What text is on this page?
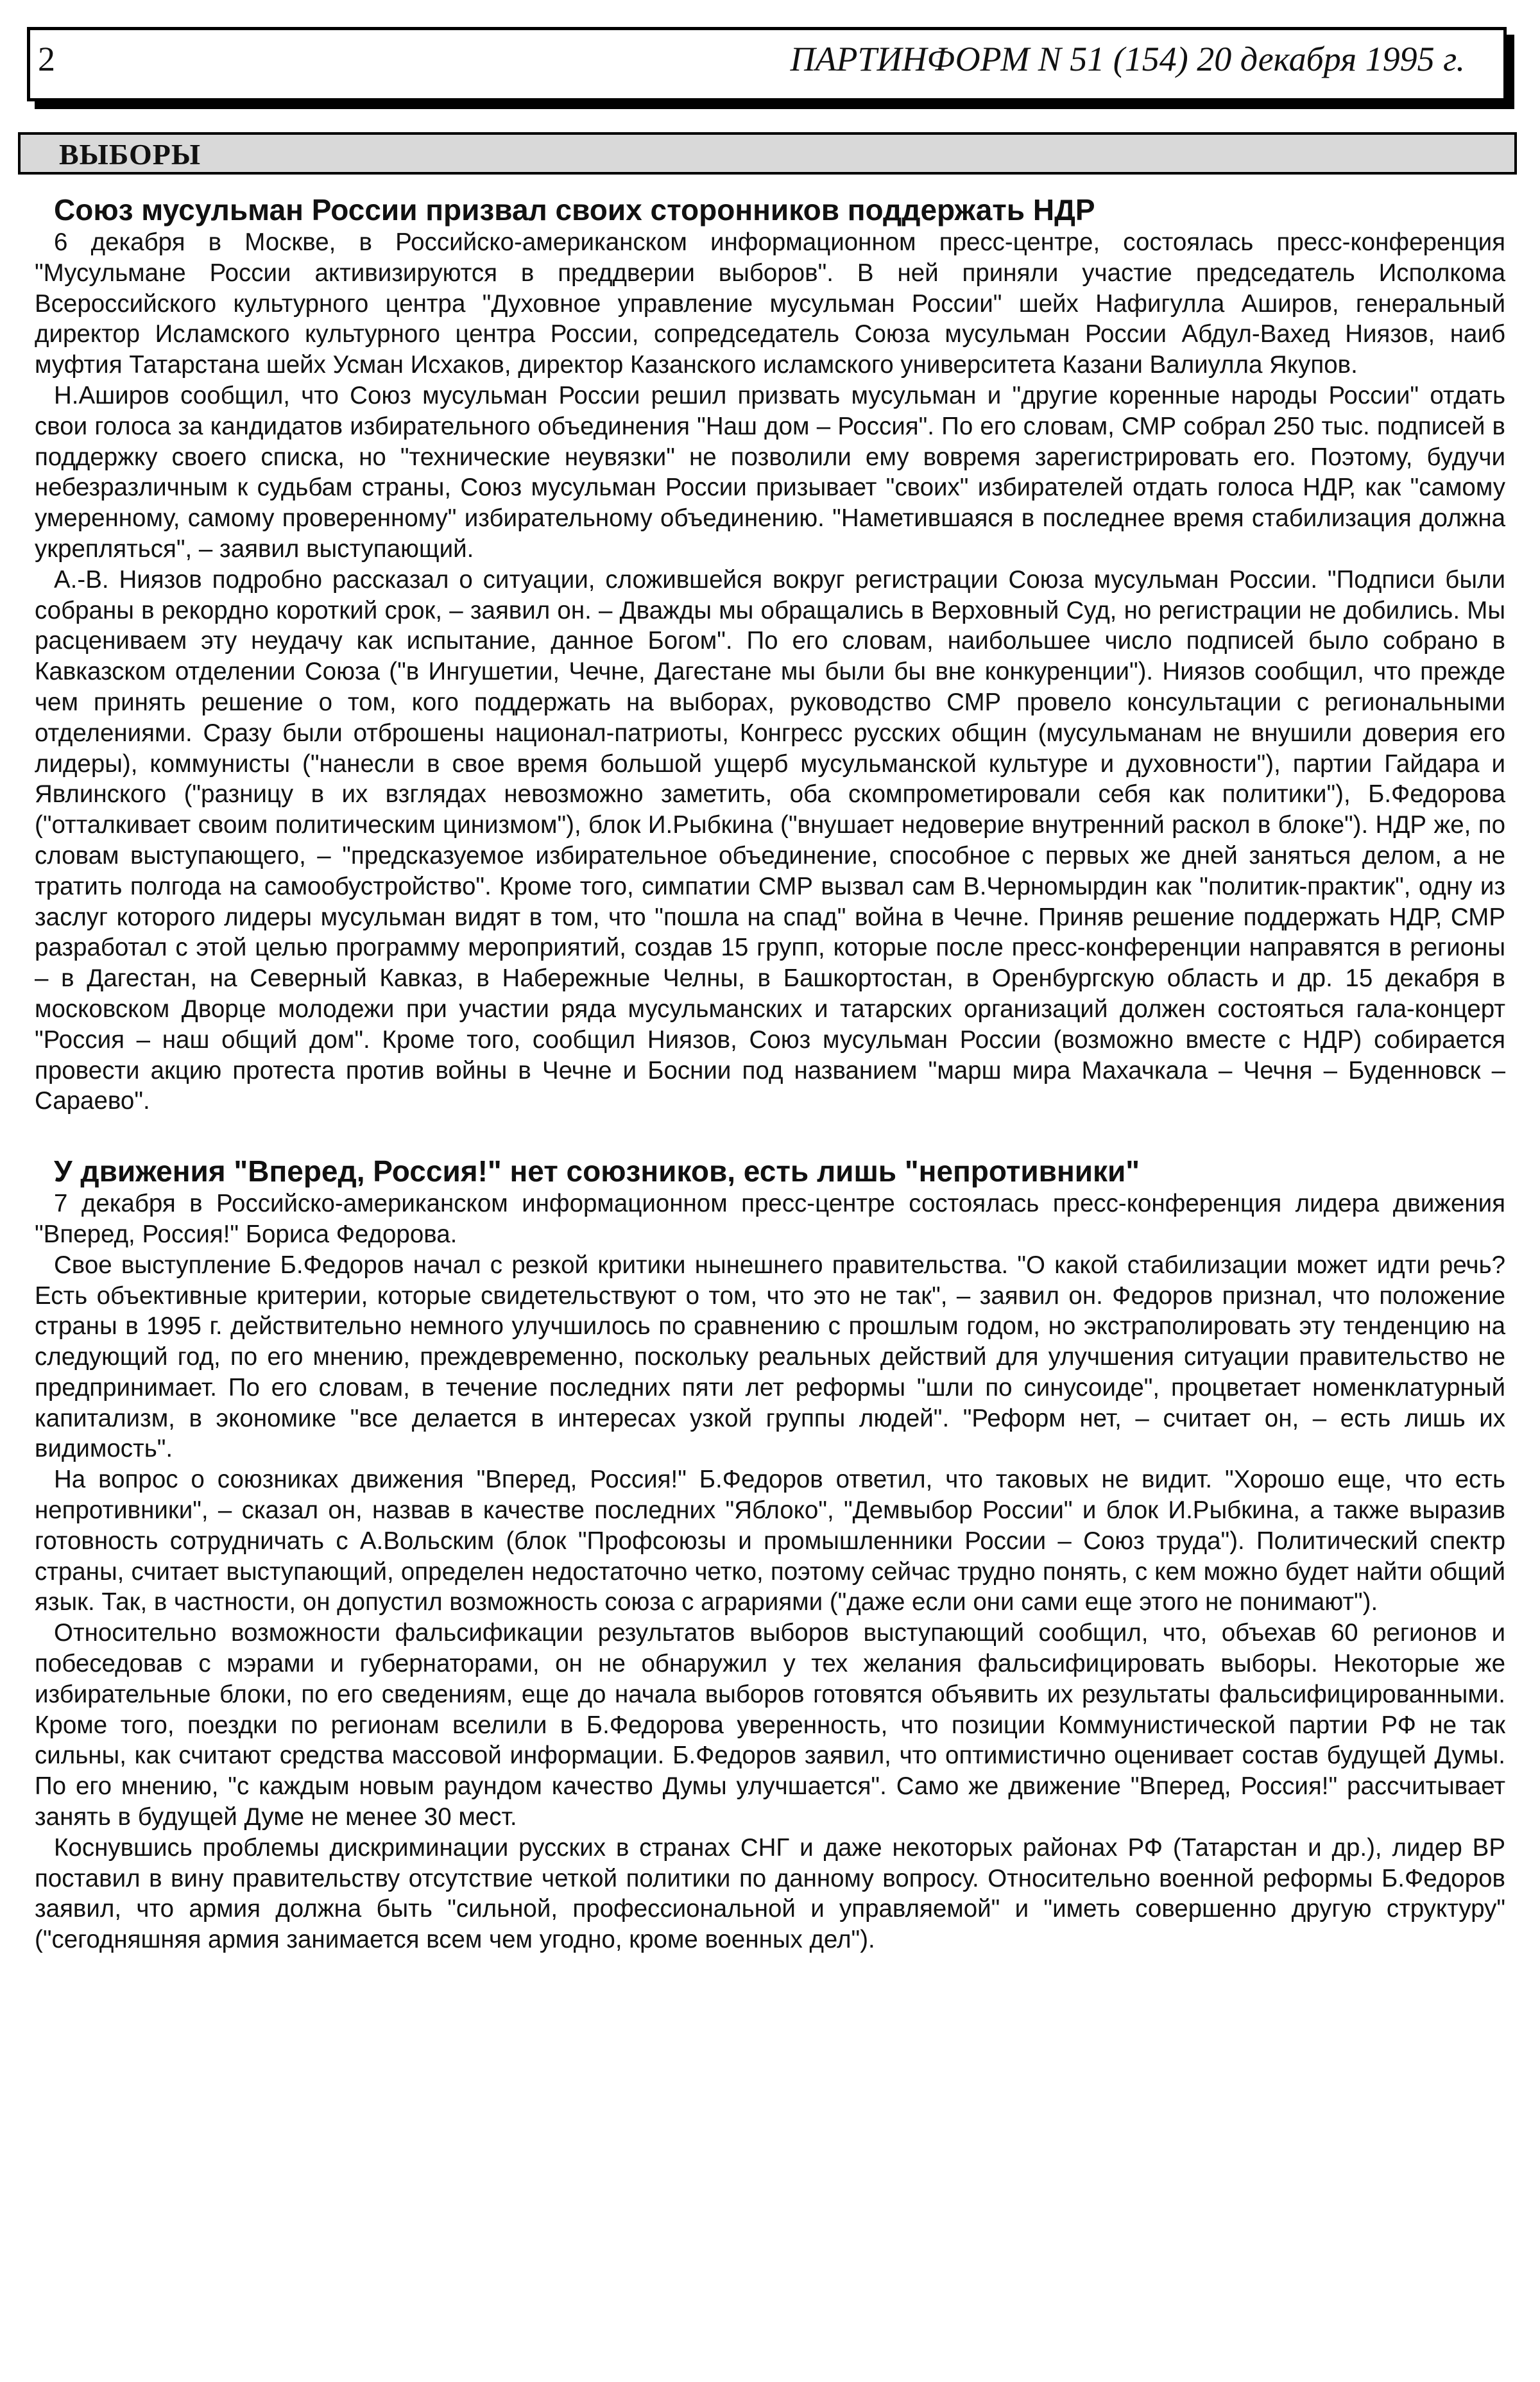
2	ПАРТИНФОРМ N 51 (154) 20 декабря 1995 г.
ВЫБОРЫ
Союз мусульман России призвал своих сторонников поддержать НДР

6 декабря в Москве, в Российско-американском информационном пресс-центре, состоялась пресс-конференция "Мусульмане России активизируются в преддверии выборов". В ней приняли участие председатель Исполкома Всероссийского культурного центра "Духовное управление мусульман России" шейх Нафигулла Аширов, генеральный директор Исламского культурного центра России, сопредседатель Союза мусульман России Абдул-Вахед Ниязов, наиб муфтия Татарстана шейх Усман Исхаков, директор Казанского исламского университета Казани Валиулла Якупов.

Н.Аширов сообщил, что Союз мусульман России решил призвать мусульман и "другие коренные народы России" отдать свои голоса за кандидатов избирательного объединения "Наш дом – Россия". По его словам, СМР собрал 250 тыс. подписей в поддержку своего списка, но "технические неувязки" не позволили ему вовремя зарегистрировать его. Поэтому, будучи небезразличным к судьбам страны, Союз мусульман России призывает "своих" избирателей отдать голоса НДР, как "самому умеренному, самому проверенному" избирательному объединению. "Наметившаяся в последнее время стабилизация должна укрепляться", – заявил выступающий.

А.-В. Ниязов подробно рассказал о ситуации, сложившейся вокруг регистрации Союза мусульман России. "Подписи были собраны в рекордно короткий срок, – заявил он. – Дважды мы обращались в Верховный Суд, но регистрации не добились. Мы расцениваем эту неудачу как испытание, данное Богом". По его словам, наибольшее число подписей было собрано в Кавказском отделении Союза ("в Ингушетии, Чечне, Дагестане мы были бы вне конкуренции"). Ниязов сообщил, что прежде чем принять решение о том, кого поддержать на выборах, руководство СМР провело консультации с региональными отделениями. Сразу были отброшены национал-патриоты, Конгресс русских общин (мусульманам не внушили доверия его лидеры), коммунисты ("нанесли в свое время большой ущерб мусульманской культуре и духовности"), партии Гайдара и Явлинского ("разницу в их взглядах невозможно заметить, оба скомпрометировали себя как политики"), Б.Федорова ("отталкивает своим политическим цинизмом"), блок И.Рыбкина ("внушает недоверие внутренний раскол в блоке"). НДР же, по словам выступающего, – "предсказуемое избирательное объединение, способное с первых же дней заняться делом, а не тратить полгода на самообустройство". Кроме того, симпатии СМР вызвал сам В.Черномырдин как "политик-практик", одну из заслуг которого лидеры мусульман видят в том, что "пошла на спад" война в Чечне. Приняв решение поддержать НДР, СМР разработал с этой целью программу мероприятий, создав 15 групп, которые после пресс-конференции направятся в регионы – в Дагестан, на Северный Кавказ, в Набережные Челны, в Башкортостан, в Оренбургскую область и др. 15 декабря в московском Дворце молодежи при участии ряда мусульманских и татарских организаций должен состояться гала-концерт "Россия – наш общий дом". Кроме того, сообщил Ниязов, Союз мусульман России (возможно вместе с НДР) собирается провести акцию протеста против войны в Чечне и Боснии под названием "марш мира Махачкала – Чечня – Буденновск – Сараево".

У движения "Вперед, Россия!" нет союзников, есть лишь "непротивники"

7 декабря в Российско-американском информационном пресс-центре состоялась пресс-конференция лидера движения "Вперед, Россия!" Бориса Федорова.

Свое выступление Б.Федоров начал с резкой критики нынешнего правительства. "О какой стабилизации может идти речь? Есть объективные критерии, которые свидетельствуют о том, что это не так", – заявил он. Федоров признал, что положение страны в 1995 г. действительно немного улучшилось по сравнению с прошлым годом, но экстраполировать эту тенденцию на следующий год, по его мнению, преждевременно, поскольку реальных действий для улучшения ситуации правительство не предпринимает. По его словам, в течение последних пяти лет реформы "шли по синусоиде", процветает номенклатурный капитализм, в экономике "все делается в интересах узкой группы людей". "Реформ нет, – считает он, – есть лишь их видимость".

На вопрос о союзниках движения "Вперед, Россия!" Б.Федоров ответил, что таковых не видит. "Хорошо еще, что есть непротивники", – сказал он, назвав в качестве последних "Яблоко", "Демвыбор России" и блок И.Рыбкина, а также выразив готовность сотрудничать с А.Вольским (блок "Профсоюзы и промышленники России – Союз труда"). Политический спектр страны, считает выступающий, определен недостаточно четко, поэтому сейчас трудно понять, с кем можно будет найти общий язык. Так, в частности, он допустил возможность союза с аграриями ("даже если они сами еще этого не понимают").

Относительно возможности фальсификации результатов выборов выступающий сообщил, что, объехав 60 регионов и побеседовав с мэрами и губернаторами, он не обнаружил у тех желания фальсифицировать выборы. Некоторые же избирательные блоки, по его сведениям, еще до начала выборов готовятся объявить их результаты фальсифицированными. Кроме того, поездки по регионам вселили в Б.Федорова уверенность, что позиции Коммунистической партии РФ не так сильны, как считают средства массовой информации. Б.Федоров заявил, что оптимистично оценивает состав будущей Думы. По его мнению, "с каждым новым раундом качество Думы улучшается". Само же движение "Вперед, Россия!" рассчитывает занять в будущей Думе не менее 30 мест.

Коснувшись проблемы дискриминации русских в странах СНГ и даже некоторых районах РФ (Татарстан и др.), лидер ВР поставил в вину правительству отсутствие четкой политики по данному вопросу. Относительно военной реформы Б.Федоров заявил, что армия должна быть "сильной, профессиональной и управляемой" и "иметь совершенно другую структуру" ("сегодняшняя армия занимается всем чем угодно, кроме военных дел").
